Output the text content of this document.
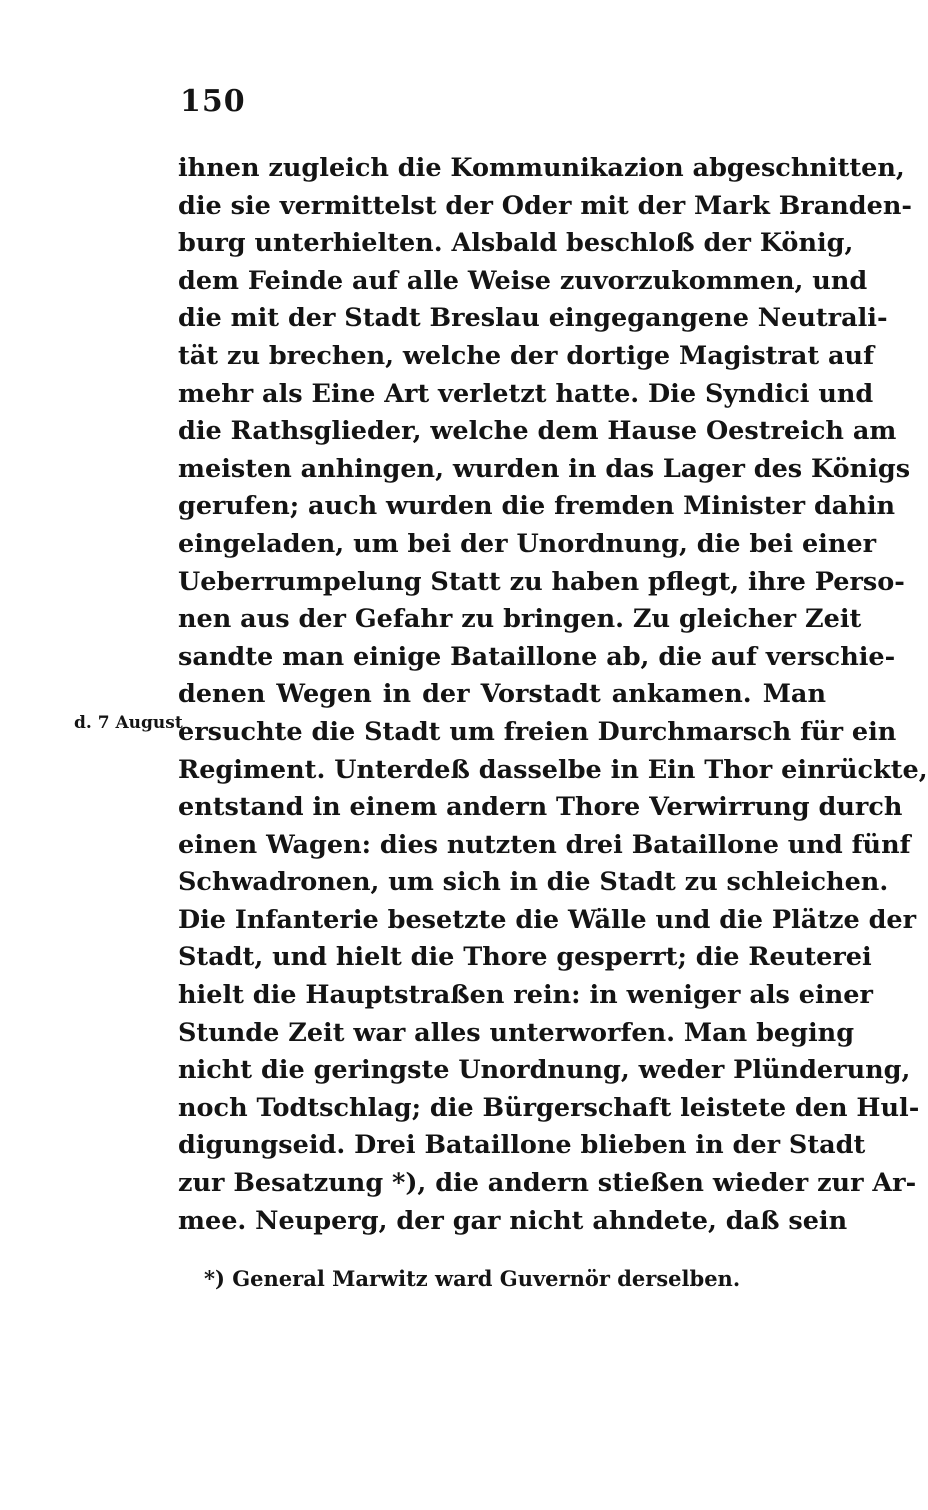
150
d. 7 August
ihnen zugleich die Kommunikazion abgeschnitten,
die sie vermittelst der Oder mit der Mark Branden-
burg unterhielten. Alsbald beschloß der König,
dem Feinde auf alle Weise zuvorzukommen, und
die mit der Stadt Breslau eingegangene Neutrali-
tät zu brechen, welche der dortige Magistrat auf
mehr als Eine Art verletzt hatte. Die Syndici und
die Rathsglieder, welche dem Hause Oestreich am
meisten anhingen, wurden in das Lager des Königs
gerufen; auch wurden die fremden Minister dahin
eingeladen, um bei der Unordnung, die bei einer
Ueberrumpelung Statt zu haben pflegt, ihre Perso-
nen aus der Gefahr zu bringen. Zu gleicher Zeit
sandte man einige Bataillone ab, die auf verschie-
denen Wegen in der Vorstadt ankamen. Man
ersuchte die Stadt um freien Durchmarsch für ein
Regiment. Unterdeß dasselbe in Ein Thor einrückte,
entstand in einem andern Thore Verwirrung durch
einen Wagen: dies nutzten drei Bataillone und fünf
Schwadronen, um sich in die Stadt zu schleichen.
Die Infanterie besetzte die Wälle und die Plätze der
Stadt, und hielt die Thore gesperrt; die Reuterei
hielt die Hauptstraßen rein: in weniger als einer
Stunde Zeit war alles unterworfen. Man beging
nicht die geringste Unordnung, weder Plünderung,
noch Todtschlag; die Bürgerschaft leistete den Hul-
digungseid. Drei Bataillone blieben in der Stadt
zur Besatzung *), die andern stießen wieder zur Ar-
mee. Neuperg, der gar nicht ahndete, daß sein
*) General Marwitz ward Guvernör derselben.
